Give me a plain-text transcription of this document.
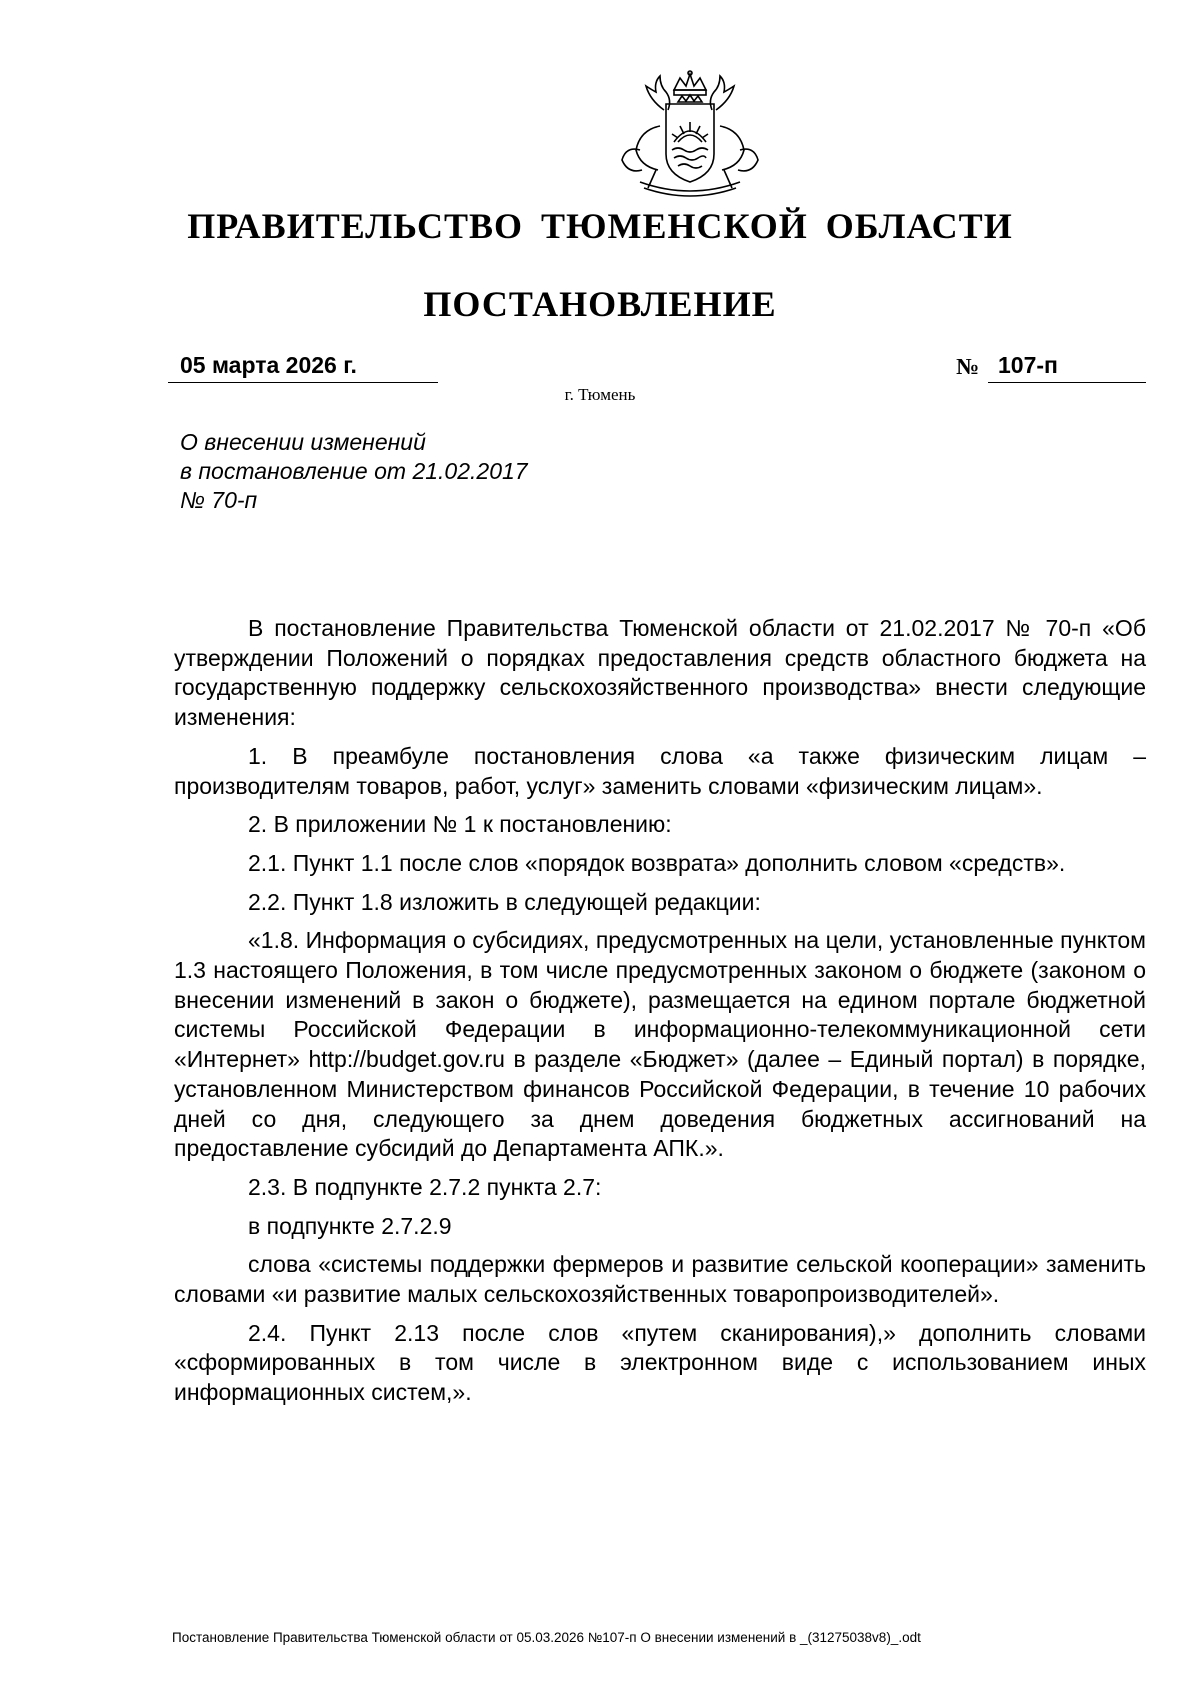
ПРАВИТЕЛЬСТВО ТЮМЕНСКОЙ ОБЛАСТИ
ПОСТАНОВЛЕНИЕ
05 марта 2026 г.	№ 107-п
г. Тюмень
О внесении изменений
в постановление от 21.02.2017
№ 70-п

В постановление Правительства Тюменской области от 21.02.2017 № 70-п «Об утверждении Положений о порядках предоставления средств областного бюджета на государственную поддержку сельскохозяйственного производства» внести следующие изменения:

1. В преамбуле постановления слова «а также физическим лицам – производителям товаров, работ, услуг» заменить словами «физическим лицам».

2. В приложении № 1 к постановлению:

2.1. Пункт 1.1 после слов «порядок возврата» дополнить словом «средств».

2.2. Пункт 1.8 изложить в следующей редакции:

«1.8. Информация о субсидиях, предусмотренных на цели, установленные пунктом 1.3 настоящего Положения, в том числе предусмотренных законом о бюджете (законом о внесении изменений в закон о бюджете), размещается на едином портале бюджетной системы Российской Федерации в информационно-телекоммуникационной сети «Интернет» http://budget.gov.ru в разделе «Бюджет» (далее – Единый портал) в порядке, установленном Министерством финансов Российской Федерации, в течение 10 рабочих дней со дня, следующего за днем доведения бюджетных ассигнований на предоставление субсидий до Департамента АПК.».

2.3. В подпункте 2.7.2 пункта 2.7:

в подпункте 2.7.2.9

слова «системы поддержки фермеров и развитие сельской кооперации» заменить словами «и развитие малых сельскохозяйственных товаропроизводителей».

2.4. Пункт 2.13 после слов «путем сканирования),» дополнить словами «сформированных в том числе в электронном виде с использованием иных информационных систем,».

Постановление Правительства Тюменской области от 05.03.2026 №107-п О внесении изменений в _(31275038v8)_.odt
